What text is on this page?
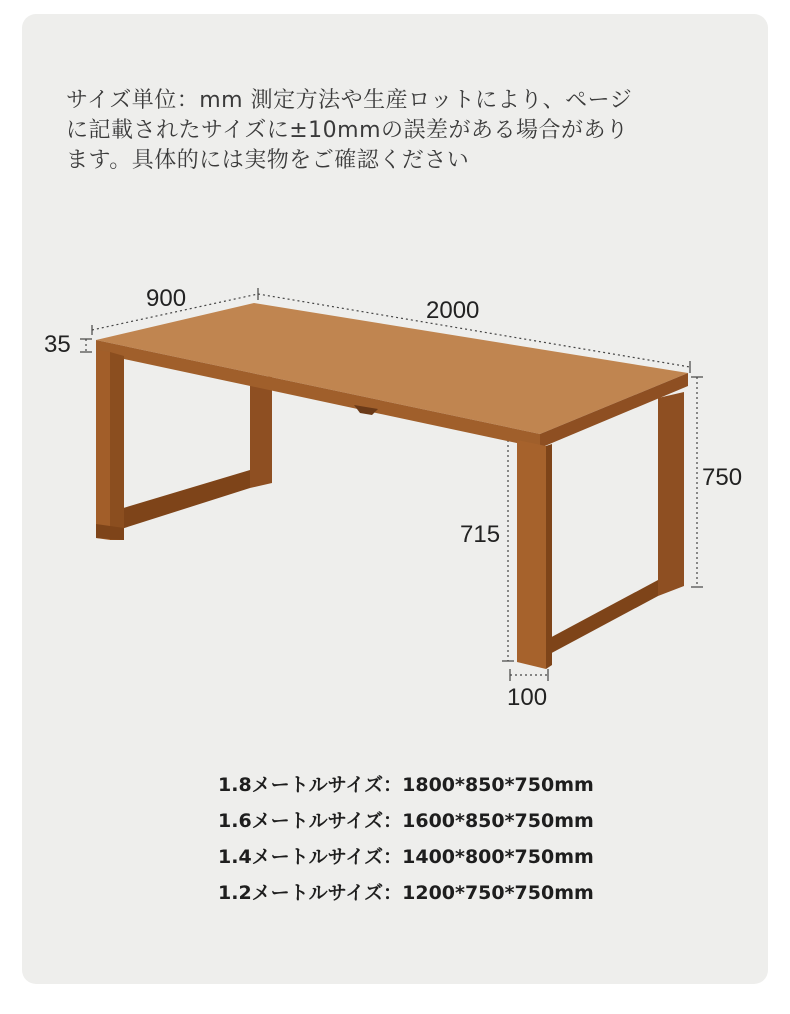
サイズ単位：mm 測定方法や生産ロットにより、ページに記載されたサイズに±10mmの誤差がある場合があります。具体的には実物をご確認ください

900	2000
35
750
715
100
1.8メートルサイズ：1800*850*750mm
1.6メートルサイズ：1600*850*750mm
1.4メートルサイズ：1400*800*750mm
1.2メートルサイズ：1200*750*750mm
